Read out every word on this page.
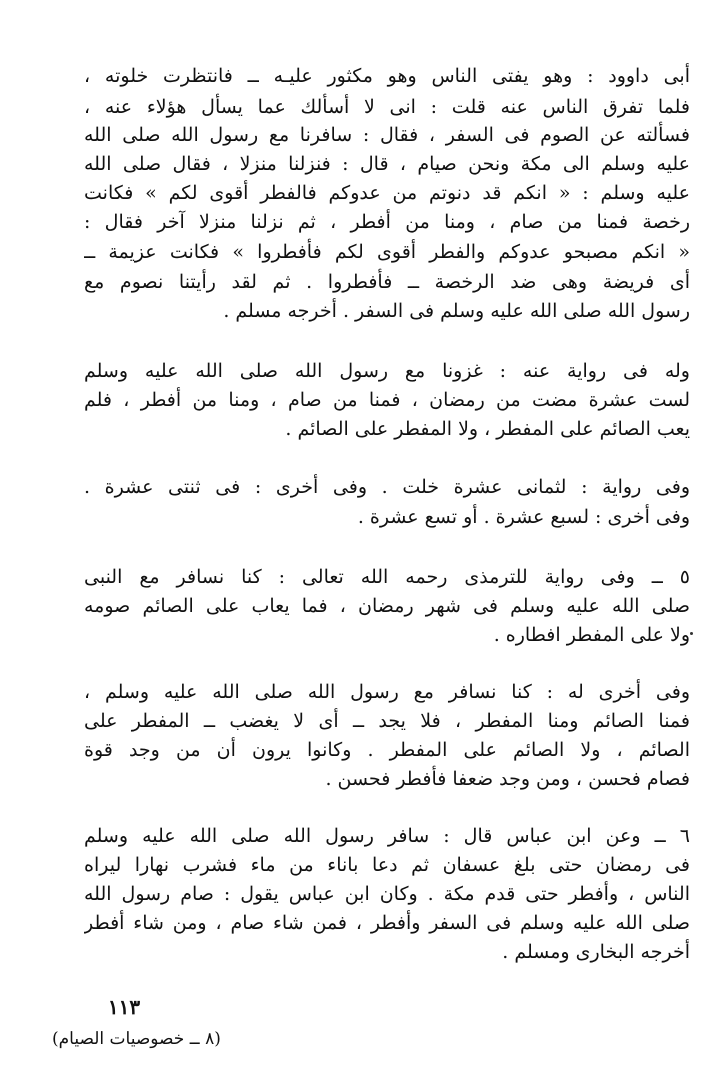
أبى داوود : وهو يفتى الناس وهو مكثور عليـه ــ فانتظرت خلوته ،
فلما تفرق الناس عنه قلت : انى لا أسألك عما يسأل هؤلاء عنه ،
فسألته عن الصوم فى السفر ، فقال : سافرنا مع رسول الله صلى الله
عليه وسلم الى مكة ونحن صيام ، قال : فنزلنا منزلا ، فقال صلى الله
عليه وسلم : « انكم قد دنوتم من عدوكم فالفطر أقوى لكم » فكانت
رخصة فمنا من صام ، ومنا من أفطر ، ثم نزلنا منزلا آخر فقال :
« انكم مصبحو عدوكم والفطر أقوى لكم فأفطروا » فكانت عزيمة ــ
أى فريضة وهى ضد الرخصة ــ فأفطروا . ثم لقد رأيتنا نصوم مع
رسول الله صلى الله عليه وسلم فى السفر . أخرجه مسلم .
وله فى رواية عنه : غزونا مع رسول الله صلى الله عليه وسلم
لست عشرة مضت من رمضان ، فمنا من صام ، ومنا من أفطر ، فلم
يعب الصائم على المفطر ، ولا المفطر على الصائم .
وفى رواية : لثمانى عشرة خلت . وفى أخرى : فى ثنتى عشرة .
وفى أخرى : لسبع عشرة . أو تسع عشرة .
٥ ــ وفى رواية للترمذى رحمه الله تعالى : كنا نسافر مع النبى
صلى الله عليه وسلم فى شهر رمضان ، فما يعاب على الصائم صومه
ولا على المفطر افطاره .
وفى أخرى له : كنا نسافر مع رسول الله صلى الله عليه وسلم ،
فمنا الصائم ومنا المفطر ، فلا يجد ــ أى لا يغضب ــ المفطر على
الصائم ، ولا الصائم على المفطر . وكانوا يرون أن من وجد قوة
فصام فحسن ، ومن وجد ضعفا فأفطر فحسن .
٦ ــ وعن ابن عباس قال : سافر رسول الله صلى الله عليه وسلم
فى رمضان حتى بلغ عسفان ثم دعا باناء من ماء فشرب نهارا ليراه
الناس ، وأفطر حتى قدم مكة . وكان ابن عباس يقول : صام رسول الله
صلى الله عليه وسلم فى السفر وأفطر ، فمن شاء صام ، ومن شاء أفطر
أخرجه البخارى ومسلم .
١١٣
(٨ ــ خصوصيات الصيام)
